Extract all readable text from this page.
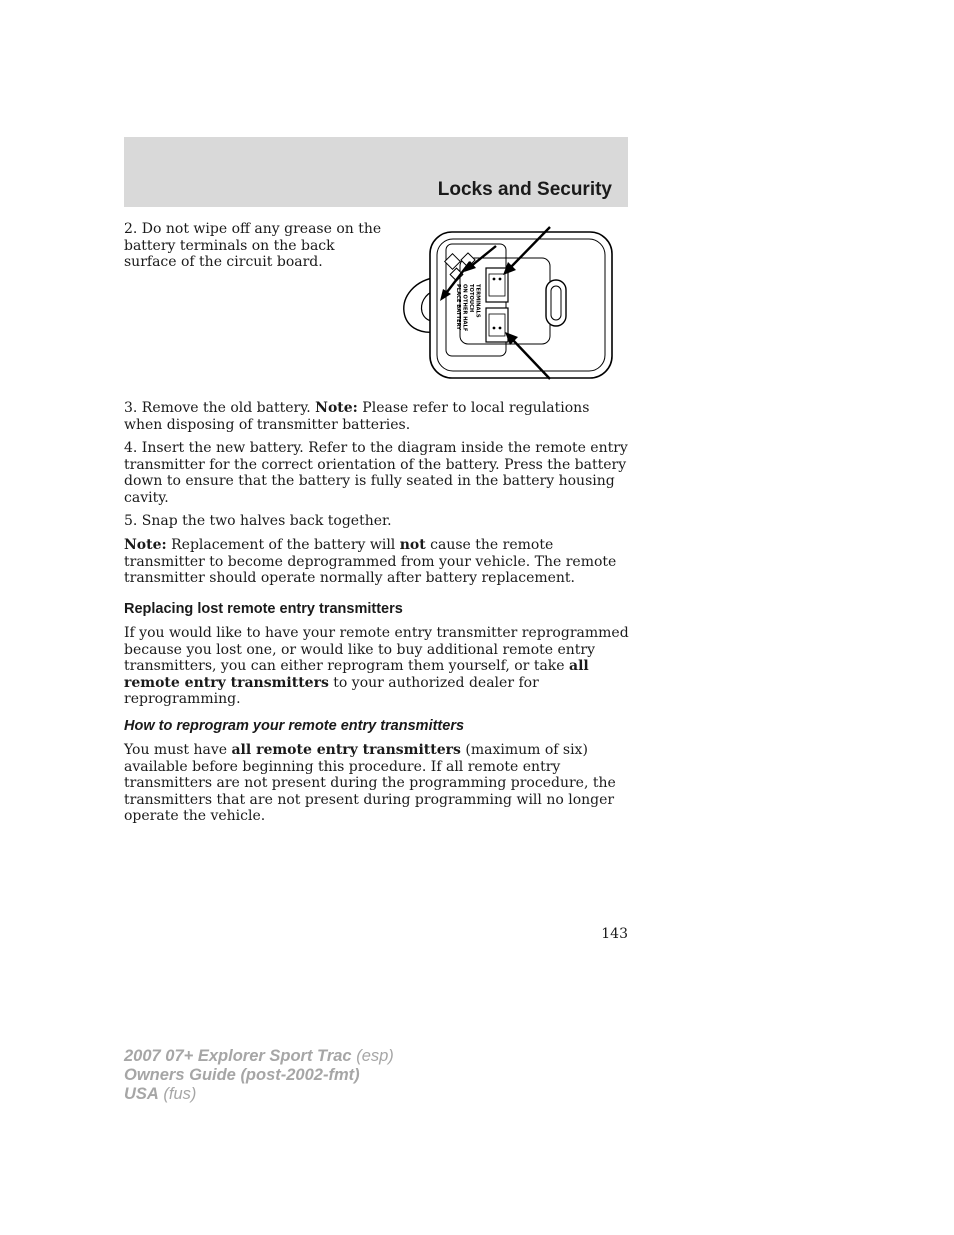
Locks and Security

2. Do not wipe off any grease on the battery terminals on the back surface of the circuit board.

PLACE BATTERY ON OTHER HALF TOTOUCH TERMINALS

3. Remove the old battery. Note: Please refer to local regulations when disposing of transmitter batteries.

4. Insert the new battery. Refer to the diagram inside the remote entry transmitter for the correct orientation of the battery. Press the battery down to ensure that the battery is fully seated in the battery housing cavity.

5. Snap the two halves back together.

Note: Replacement of the battery will not cause the remote transmitter to become deprogrammed from your vehicle. The remote transmitter should operate normally after battery replacement.

Replacing lost remote entry transmitters

If you would like to have your remote entry transmitter reprogrammed because you lost one, or would like to buy additional remote entry transmitters, you can either reprogram them yourself, or take all remote entry transmitters to your authorized dealer for reprogramming.

How to reprogram your remote entry transmitters

You must have all remote entry transmitters (maximum of six) available before beginning this procedure. If all remote entry transmitters are not present during the programming procedure, the transmitters that are not present during programming will no longer operate the vehicle.

143

2007 07+ Explorer Sport Trac (esp)
Owners Guide (post-2002-fmt)
USA (fus)
